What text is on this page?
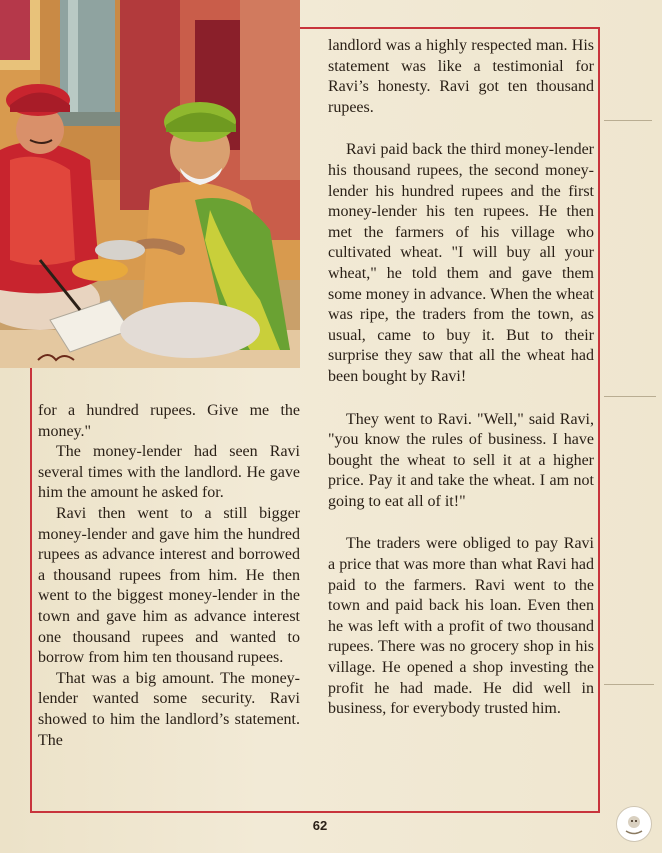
landlord was a highly respected man. His statement was like a testimonial for Ravi’s honesty. Ravi got ten thousand rupees.

Ravi paid back the third money-lender his thousand rupees, the second money-lender his hundred rupees and the first money-lender his ten rupees. He then met the farmers of his village who cultivated wheat. "I will buy all your wheat," he told them and gave them some money in advance. When the wheat was ripe, the traders from the town, as usual, came to buy it. But to their surprise they saw that all the wheat had been bought by Ravi!

They went to Ravi. "Well," said Ravi, "you know the rules of business. I have bought the wheat to sell it at a higher price. Pay it and take the wheat. I am not going to eat all of it!"

The traders were obliged to pay Ravi a price that was more than what Ravi had paid to the farmers. Ravi went to the town and paid back his loan. Even then he was left with a profit of two thousand rupees. There was no grocery shop in his village. He opened a shop investing the profit he had made. He did well in business, for everybody trusted him.

for a hundred rupees. Give me the money."

The money-lender had seen Ravi several times with the landlord. He gave him the amount he asked for.

Ravi then went to a still bigger money-lender and gave him the hundred rupees as advance interest and borrowed a thousand rupees from him. He then went to the biggest money-lender in the town and gave him as advance interest one thousand rupees and wanted to borrow from him ten thousand rupees.

That was a big amount. The money-lender wanted some security. Ravi showed to him the landlord’s statement. The

62
